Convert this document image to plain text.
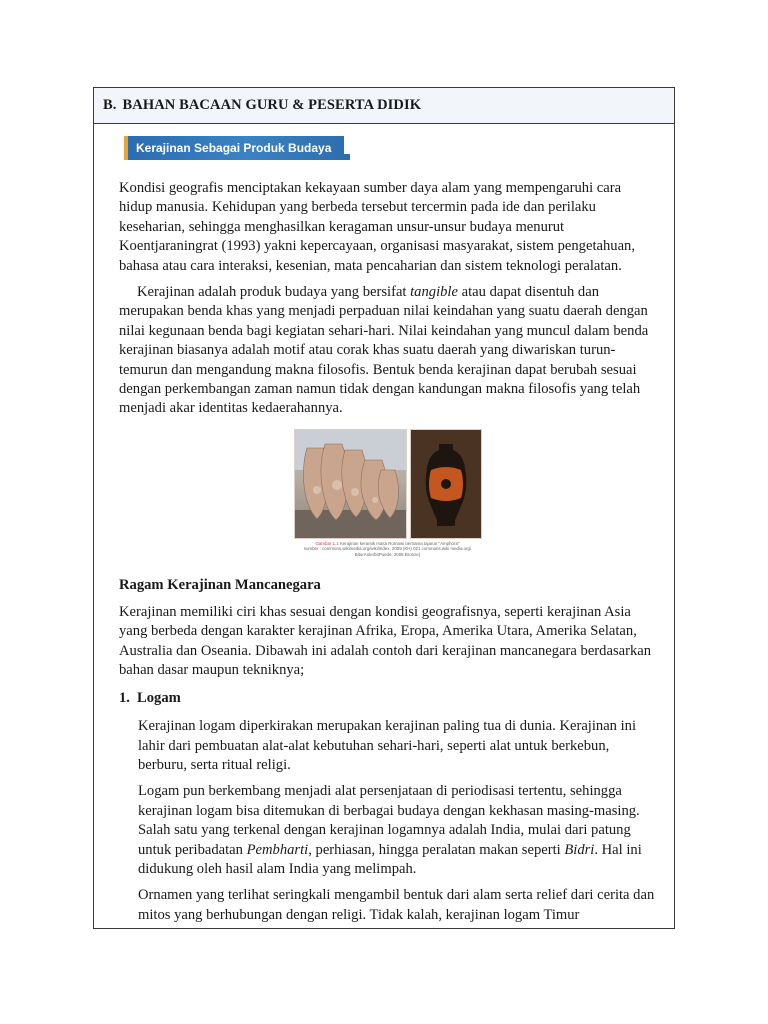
B. BAHAN BACAAN GURU & PESERTA DIDIK
Kerajinan Sebagai Produk Budaya

Kondisi geografis menciptakan kekayaan sumber daya alam yang mempengaruhi cara hidup manusia. Kehidupan yang berbeda tersebut tercermin pada ide dan perilaku keseharian, sehingga menghasilkan keragaman unsur-unsur budaya menurut Koentjaraningrat (1993) yakni kepercayaan, organisasi masyarakat, sistem pengetahuan, bahasa atau cara interaksi, kesenian, mata pencaharian dan sistem teknologi peralatan.

Kerajinan adalah produk budaya yang bersifat tangible atau dapat disentuh dan merupakan benda khas yang menjadi perpaduan nilai keindahan yang suatu daerah dengan nilai kegunaan benda bagi kegiatan sehari-hari. Nilai keindahan yang muncul dalam benda kerajinan biasanya adalah motif atau corak khas suatu daerah yang diwariskan turun-temurun dan mengandung makna filosofis. Bentuk benda kerajinan dapat berubah sesuai dengan perkembangan zaman namun tidak dengan kandungan makna filosofis yang telah menjadi akar identitas kedaerahannya.

Gambar 1.1 Kerajinan keramik masa Romawi bernama tajarun "Amphora"
sumber : commons.wikimedia.org/wiki/index, 2009 (KH) 021 commons.wiki media.org/
BiturAnlerbitPuede, 2005 Bronze)
Ragam Kerajinan Mancanegara

Kerajinan memiliki ciri khas sesuai dengan kondisi geografisnya, seperti kerajinan Asia yang berbeda dengan karakter kerajinan Afrika, Eropa, Amerika Utara, Amerika Selatan, Australia dan Oseania. Dibawah ini adalah contoh dari kerajinan mancanegara berdasarkan bahan dasar maupun tekniknya;

1. Logam

Kerajinan logam diperkirakan merupakan kerajinan paling tua di dunia. Kerajinan ini lahir dari pembuatan alat-alat kebutuhan sehari-hari, seperti alat untuk berkebun, berburu, serta ritual religi.

Logam pun berkembang menjadi alat persenjataan di periodisasi tertentu, sehingga kerajinan logam bisa ditemukan di berbagai budaya dengan kekhasan masing-masing. Salah satu yang terkenal dengan kerajinan logamnya adalah India, mulai dari patung untuk peribadatan Pembharti, perhiasan, hingga peralatan makan seperti Bidri. Hal ini didukung oleh hasil alam India yang melimpah.

Ornamen yang terlihat seringkali mengambil bentuk dari alam serta relief dari cerita dan mitos yang berhubungan dengan religi. Tidak kalah, kerajinan logam Timur
